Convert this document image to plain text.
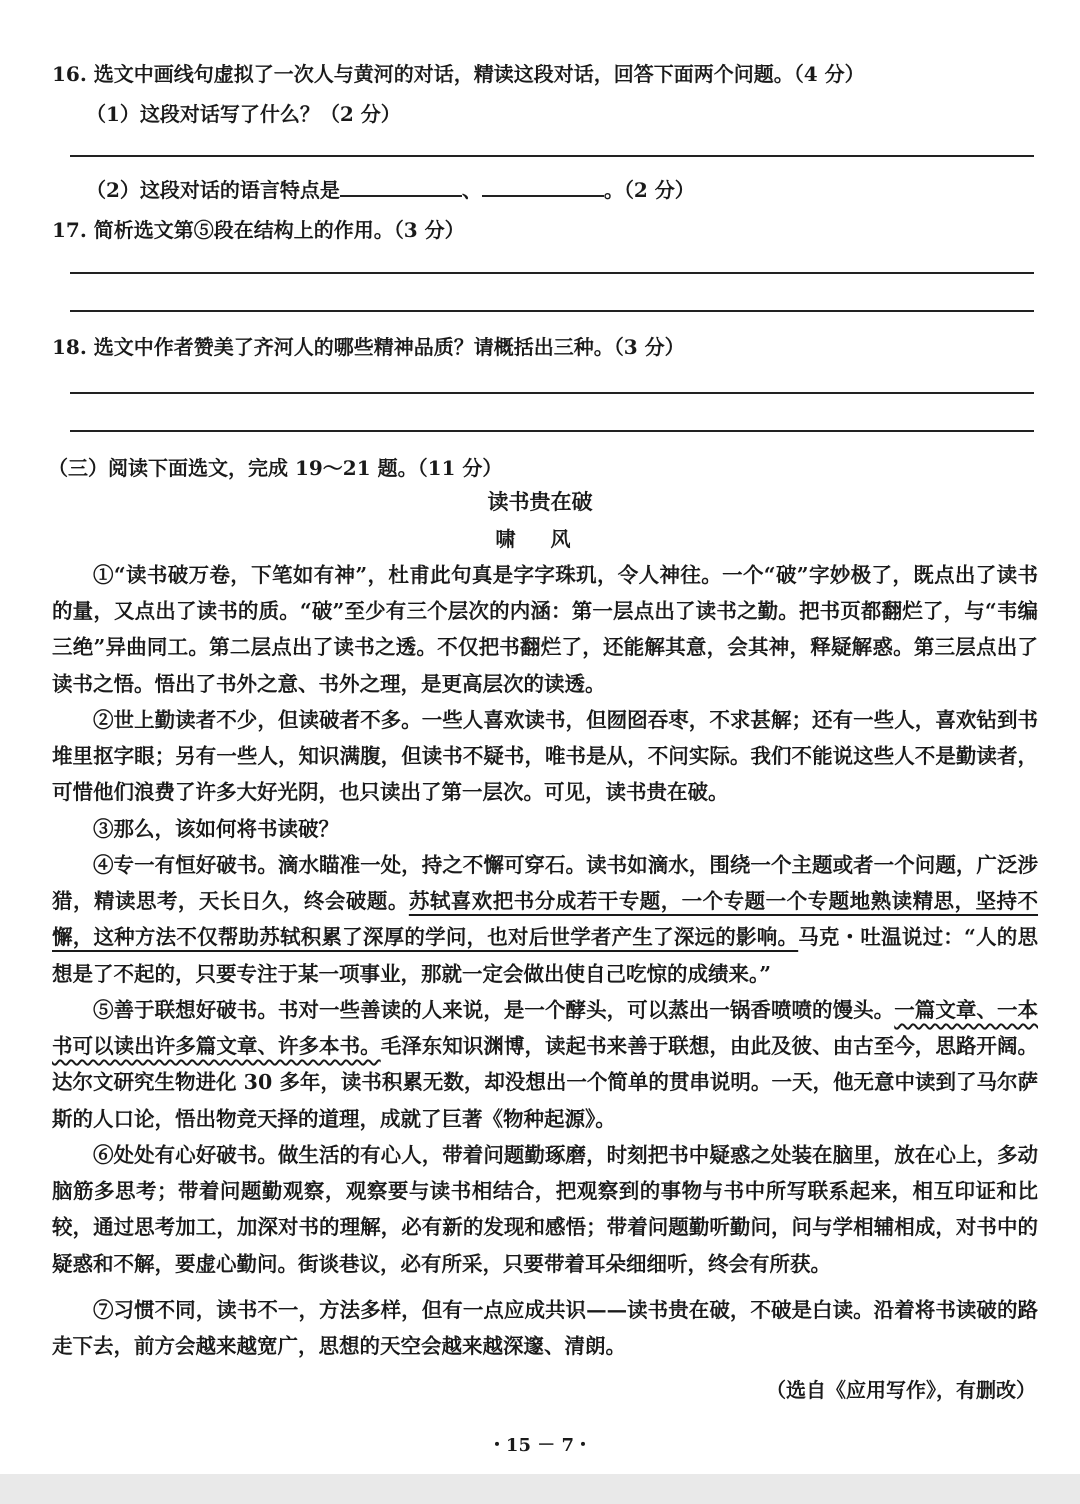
16. 选文中画线句虚拟了一次人与黄河的对话，精读这段对话，回答下面两个问题。（4 分）
（1）这段对话写了什么？（2 分）
（2）这段对话的语言特点是	、	。（2 分）
17. 简析选文第⑤段在结构上的作用。（3 分）
18. 选文中作者赞美了齐河人的哪些精神品质？请概括出三种。（3 分）
（三）阅读下面选文，完成 19～21 题。（11 分）
读书贵在破
啸 风
①“读书破万卷，下笔如有神”，杜甫此句真是字字珠玑，令人神往。一个“破”字妙极了，既点出了读书的量，又点出了读书的质。“破”至少有三个层次的内涵：第一层点出了读书之勤。把书页都翻烂了，与“韦编三绝”异曲同工。第二层点出了读书之透。不仅把书翻烂了，还能解其意，会其神，释疑解惑。第三层点出了读书之悟。悟出了书外之意、书外之理，是更高层次的读透。
②世上勤读者不少，但读破者不多。一些人喜欢读书，但囫囵吞枣，不求甚解；还有一些人，喜欢钻到书堆里抠字眼；另有一些人，知识满腹，但读书不疑书，唯书是从，不问实际。我们不能说这些人不是勤读者，可惜他们浪费了许多大好光阴，也只读出了第一层次。可见，读书贵在破。
③那么，该如何将书读破？
④专一有恒好破书。滴水瞄准一处，持之不懈可穿石。读书如滴水，围绕一个主题或者一个问题，广泛涉猎，精读思考，天长日久，终会破题。苏轼喜欢把书分成若干专题，一个专题一个专题地熟读精思，坚持不懈，这种方法不仅帮助苏轼积累了深厚的学问，也对后世学者产生了深远的影响。马克・吐温说过：“人的思想是了不起的，只要专注于某一项事业，那就一定会做出使自己吃惊的成绩来。”
⑤善于联想好破书。书对一些善读的人来说，是一个酵头，可以蒸出一锅香喷喷的馒头。一篇文章、一本书可以读出许多篇文章、许多本书。毛泽东知识渊博，读起书来善于联想，由此及彼、由古至今，思路开阔。达尔文研究生物进化 30 多年，读书积累无数，却没想出一个简单的贯串说明。一天，他无意中读到了马尔萨斯的人口论，悟出物竞天择的道理，成就了巨著《物种起源》。
⑥处处有心好破书。做生活的有心人，带着问题勤琢磨，时刻把书中疑惑之处装在脑里，放在心上，多动脑筋多思考；带着问题勤观察，观察要与读书相结合，把观察到的事物与书中所写联系起来，相互印证和比较，通过思考加工，加深对书的理解，必有新的发现和感悟；带着问题勤听勤问，问与学相辅相成，对书中的疑惑和不解，要虚心勤问。街谈巷议，必有所采，只要带着耳朵细细听，终会有所获。
⑦习惯不同，读书不一，方法多样，但有一点应成共识——读书贵在破，不破是白读。沿着将书读破的路走下去，前方会越来越宽广，思想的天空会越来越深邃、清朗。
（选自《应用写作》，有删改）
・15 － 7・
